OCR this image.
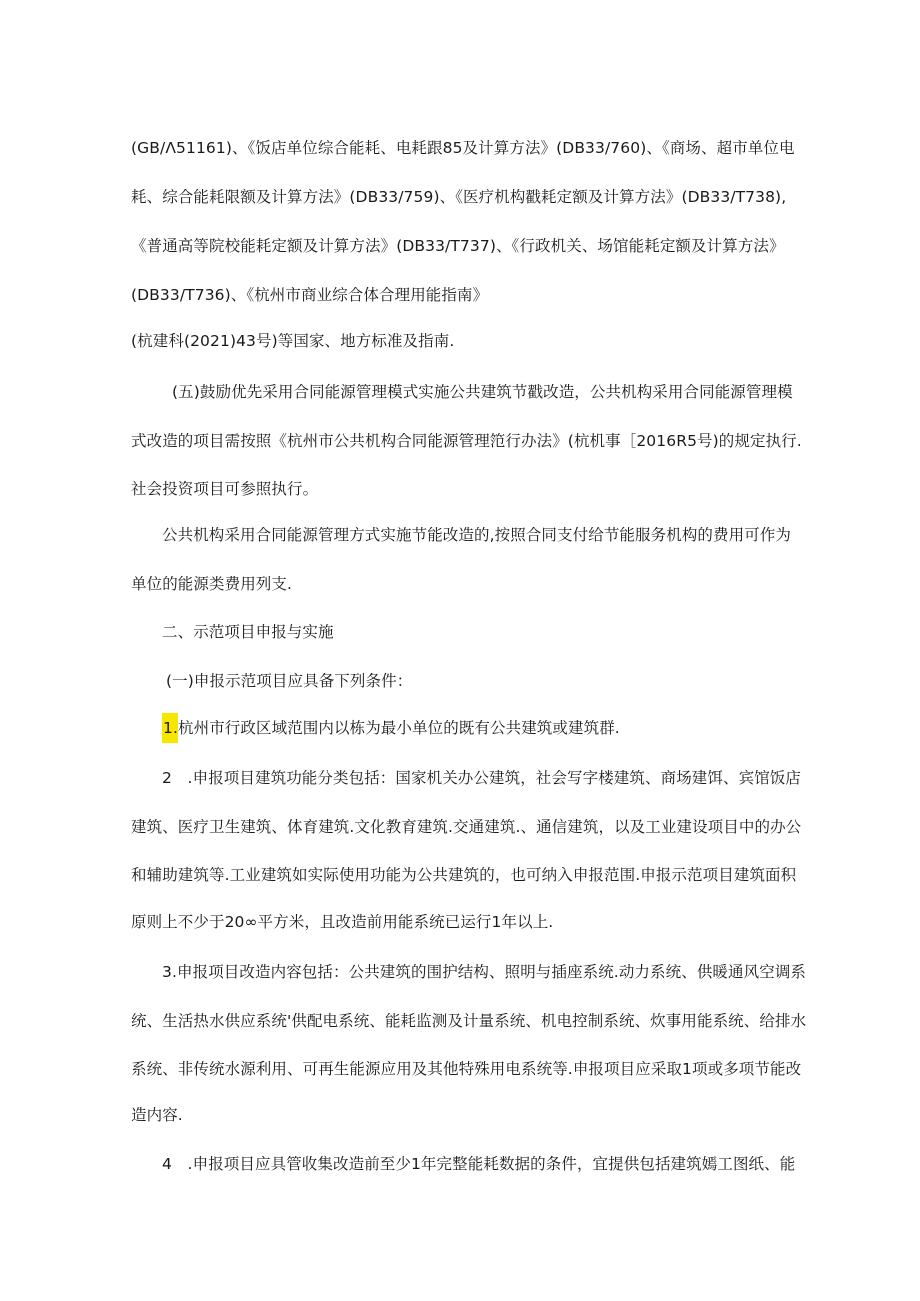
(GB/Λ51161)、《饭店单位综合能耗、电耗跟85及计算方法》(DB33/760)、《商场、超市单位电
耗、综合能耗限额及计算方法》(DB33/759)、《医疗机构戳耗定额及计算方法》(DB33/T738),
《普通高等院校能耗定额及计算方法》(DB33/T737)、《行政机关、场馆能耗定额及计算方法》
(DB33/T736)、《杭州市商业综合体合理用能指南》
(杭建科(2021)43号)等国家、地方标准及指南.
(五)鼓励优先采用合同能源管理模式实施公共建筑节戳改造，公共机构采用合同能源管理模
式改造的项目需按照《杭州市公共机构合同能源管理笵行办法》(杭机事［2016R5号)的规定执行.
社会投资项目可参照执行。
公共机构采用合同能源管理方式实施节能改造的,按照合同支付给节能服务机构的费用可作为
单位的能源类费用列支.
二、示范项目申报与实施
(一)申报示范项目应具备下列条件：
1.杭州市行政区域范围内以栋为最小单位的既有公共建筑或建筑群.
2　.申报项目建筑功能分类包括：国家机关办公建筑，社会写字楼建筑、商场建饵、宾馆饭店
建筑、医疗卫生建筑、体育建筑.文化教育建筑.交通建筑.、通信建筑，以及工业建设项目中的办公
和辅助建筑等.工业建筑如实际使用功能为公共建筑的，也可纳入申报范围.申报示范项目建筑面积
原则上不少于20∞平方米，且改造前用能系统已运行1年以上.
3.申报项目改造内容包括：公共建筑的围护结构、照明与插座系统.动力系统、供暖通风空调系
统、生活热水供应系统'供配电系统、能耗监测及计量系统、机电控制系统、炊事用能系统、给排水
系统、非传统水源利用、可再生能源应用及其他特殊用电系统等.申报项目应采取1项或多项节能改
造内容.
4　.申报项目应具管收集改造前至少1年完整能耗数据的条件，宜提供包括建筑嫣工图纸、能
